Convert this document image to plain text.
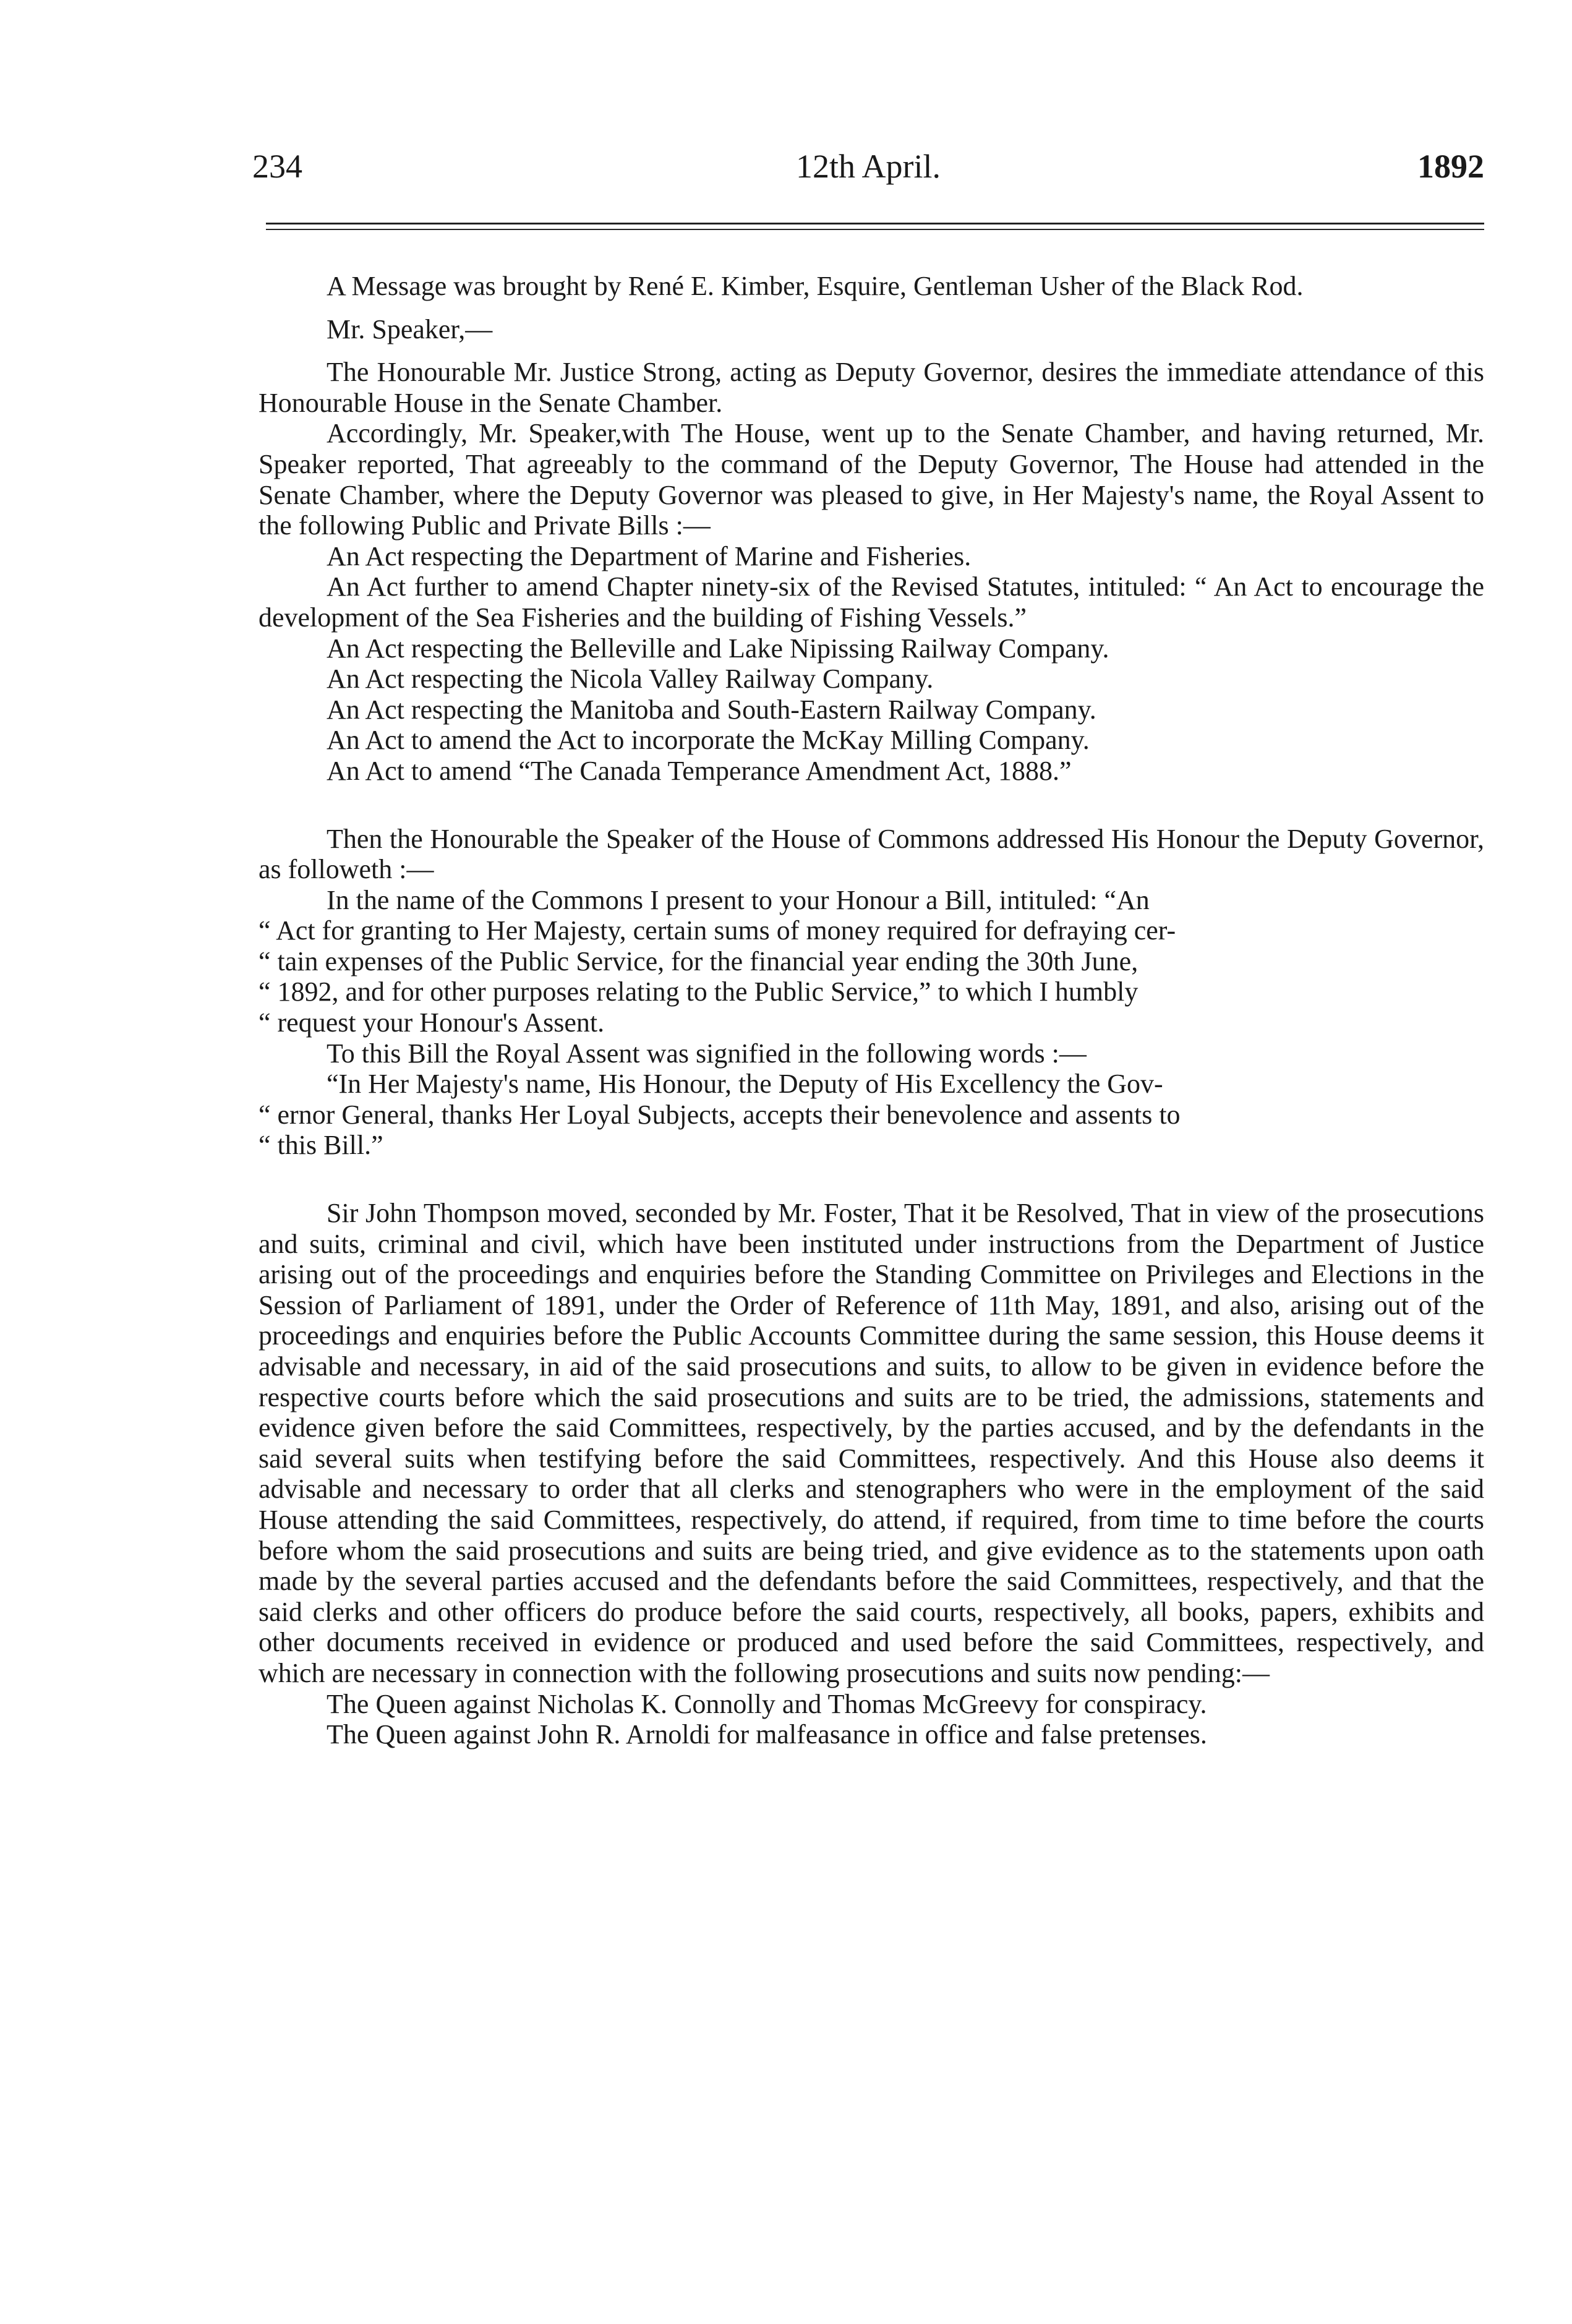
234	12th April.	1892

A Message was brought by René E. Kimber, Esquire, Gentleman Usher of the Black Rod.

Mr. Speaker,—

The Honourable Mr. Justice Strong, acting as Deputy Governor, desires the immediate attendance of this Honourable House in the Senate Chamber.

Accordingly, Mr. Speaker,with The House, went up to the Senate Chamber, and having returned, Mr. Speaker reported, That agreeably to the command of the Deputy Governor, The House had attended in the Senate Chamber, where the Deputy Governor was pleased to give, in Her Majesty's name, the Royal Assent to the following Public and Private Bills :—

An Act respecting the Department of Marine and Fisheries.

An Act further to amend Chapter ninety-six of the Revised Statutes, intituled: “ An Act to encourage the development of the Sea Fisheries and the building of Fishing Vessels.”

An Act respecting the Belleville and Lake Nipissing Railway Company.

An Act respecting the Nicola Valley Railway Company.

An Act respecting the Manitoba and South-Eastern Railway Company.

An Act to amend the Act to incorporate the McKay Milling Company.

An Act to amend “The Canada Temperance Amendment Act, 1888.”

Then the Honourable the Speaker of the House of Commons addressed His Honour the Deputy Governor, as followeth :—

In the name of the Commons I present to your Honour a Bill, intituled: “An

“ Act for granting to Her Majesty, certain sums of money required for defraying cer-

“ tain expenses of the Public Service, for the financial year ending the 30th June,

“ 1892, and for other purposes relating to the Public Service,” to which I humbly

“ request your Honour's Assent.

To this Bill the Royal Assent was signified in the following words :—

“In Her Majesty's name, His Honour, the Deputy of His Excellency the Gov-

“ ernor General, thanks Her Loyal Subjects, accepts their benevolence and assents to

“ this Bill.”

Sir John Thompson moved, seconded by Mr. Foster, That it be Resolved, That in view of the prosecutions and suits, criminal and civil, which have been instituted under instructions from the Department of Justice arising out of the proceedings and enquiries before the Standing Committee on Privileges and Elections in the Session of Parliament of 1891, under the Order of Reference of 11th May, 1891, and also, arising out of the proceedings and enquiries before the Public Accounts Committee during the same session, this House deems it advisable and necessary, in aid of the said prosecutions and suits, to allow to be given in evidence before the respective courts before which the said prosecutions and suits are to be tried, the admissions, statements and evidence given before the said Committees, respectively, by the parties accused, and by the defendants in the said several suits when testifying before the said Committees, respectively. And this House also deems it advisable and necessary to order that all clerks and stenographers who were in the employment of the said House attending the said Committees, respectively, do attend, if required, from time to time before the courts before whom the said prosecutions and suits are being tried, and give evidence as to the statements upon oath made by the several parties accused and the defendants before the said Committees, respectively, and that the said clerks and other officers do produce before the said courts, respectively, all books, papers, exhibits and other documents received in evidence or produced and used before the said Committees, respectively, and which are necessary in connection with the following prosecutions and suits now pending:—

The Queen against Nicholas K. Connolly and Thomas McGreevy for conspiracy.

The Queen against John R. Arnoldi for malfeasance in office and false pretenses.
